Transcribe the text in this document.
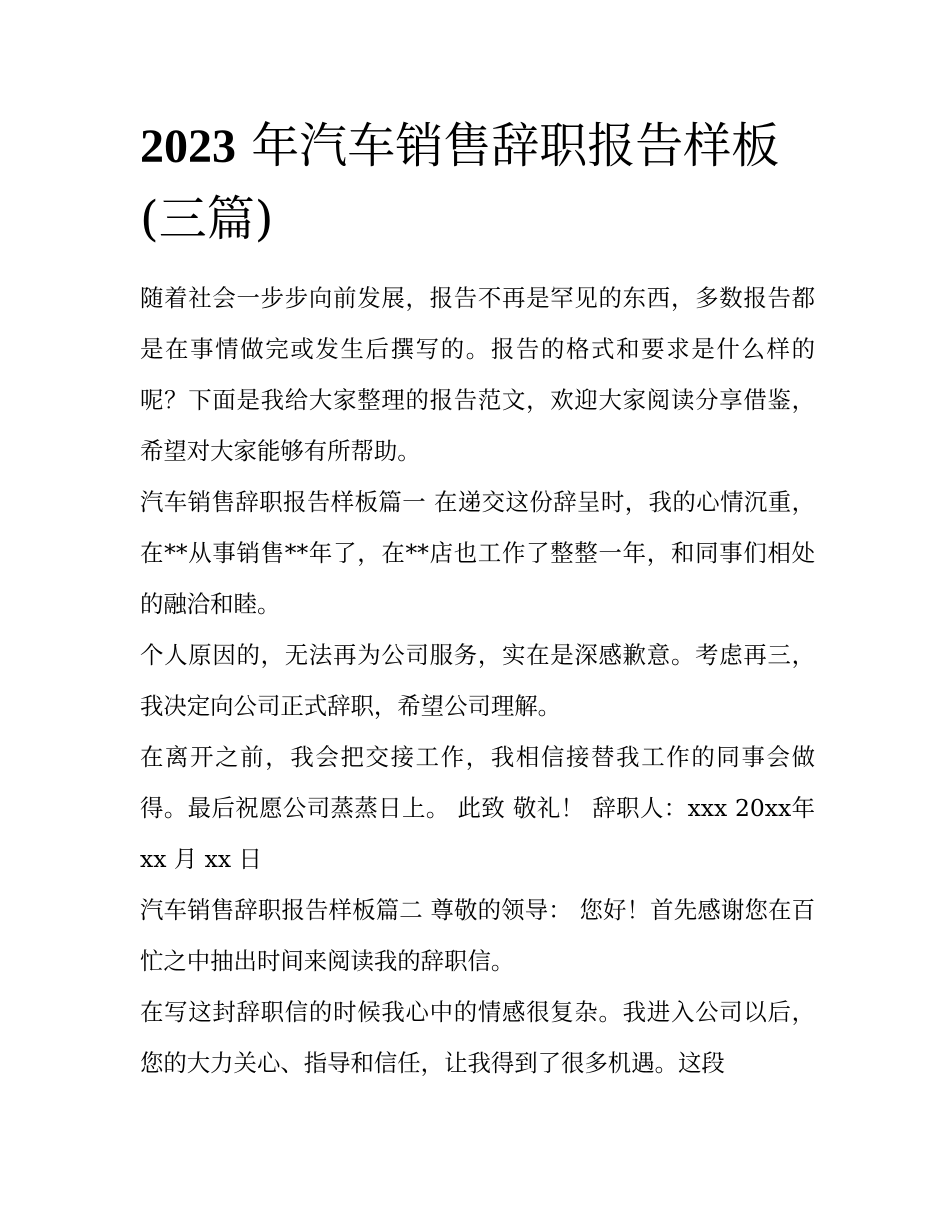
2023 年汽车销售辞职报告样板(三篇)

随着社会一步步向前发展，报告不再是罕见的东西，多数报告都是在事情做完或发生后撰写的。报告的格式和要求是什么样的呢？下面是我给大家整理的报告范文，欢迎大家阅读分享借鉴，希望对大家能够有所帮助。

汽车销售辞职报告样板篇一 在递交这份辞呈时，我的心情沉重，在**从事销售**年了，在**店也工作了整整一年，和同事们相处的融洽和睦。

个人原因的，无法再为公司服务，实在是深感歉意。考虑再三，我决定向公司正式辞职，希望公司理解。

在离开之前，我会把交接工作，我相信接替我工作的同事会做得。最后祝愿公司蒸蒸日上。 此致 敬礼！ 辞职人：xxx 20xx年 xx 月 xx 日

汽车销售辞职报告样板篇二 尊敬的领导： 您好！首先感谢您在百忙之中抽出时间来阅读我的辞职信。

在写这封辞职信的时候我心中的情感很复杂。我进入公司以后，您的大力关心、指导和信任，让我得到了很多机遇。这段
